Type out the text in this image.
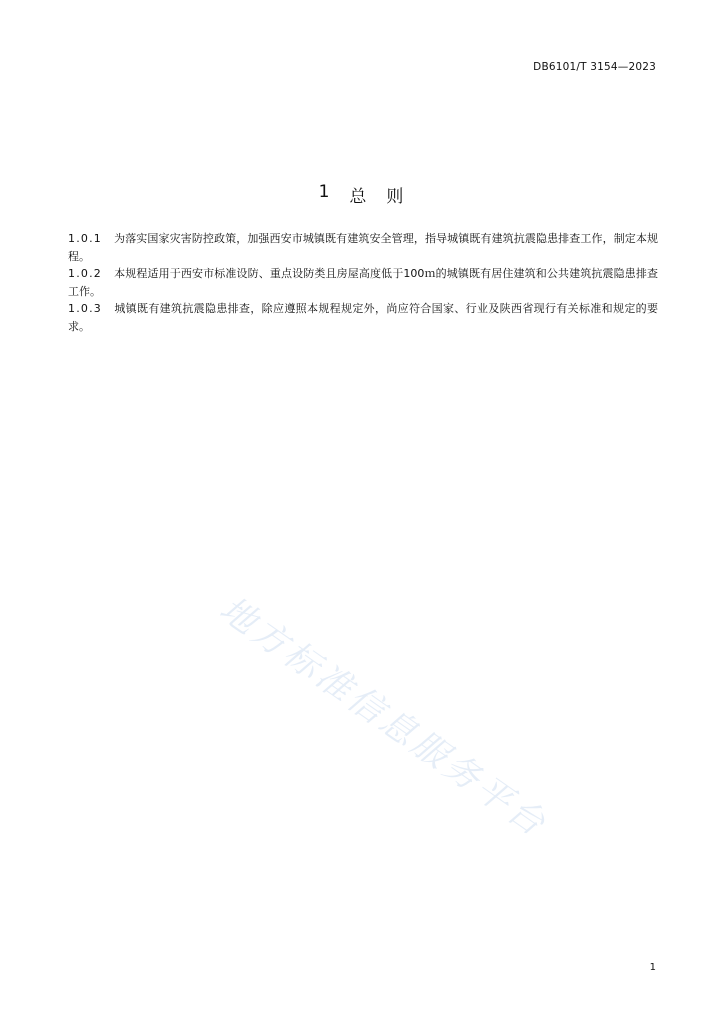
DB6101/T 3154—2023
1 总 则

1.0.1 为落实国家灾害防控政策，加强西安市城镇既有建筑安全管理，指导城镇既有建筑抗震隐患排查工作，制定本规程。

1.0.2 本规程适用于西安市标准设防、重点设防类且房屋高度低于100ｍ的城镇既有居住建筑和公共建筑抗震隐患排查工作。

1.0.3 城镇既有建筑抗震隐患排查，除应遵照本规程规定外，尚应符合国家、行业及陕西省现行有关标准和规定的要求。

地方标准信息服务平台
1
